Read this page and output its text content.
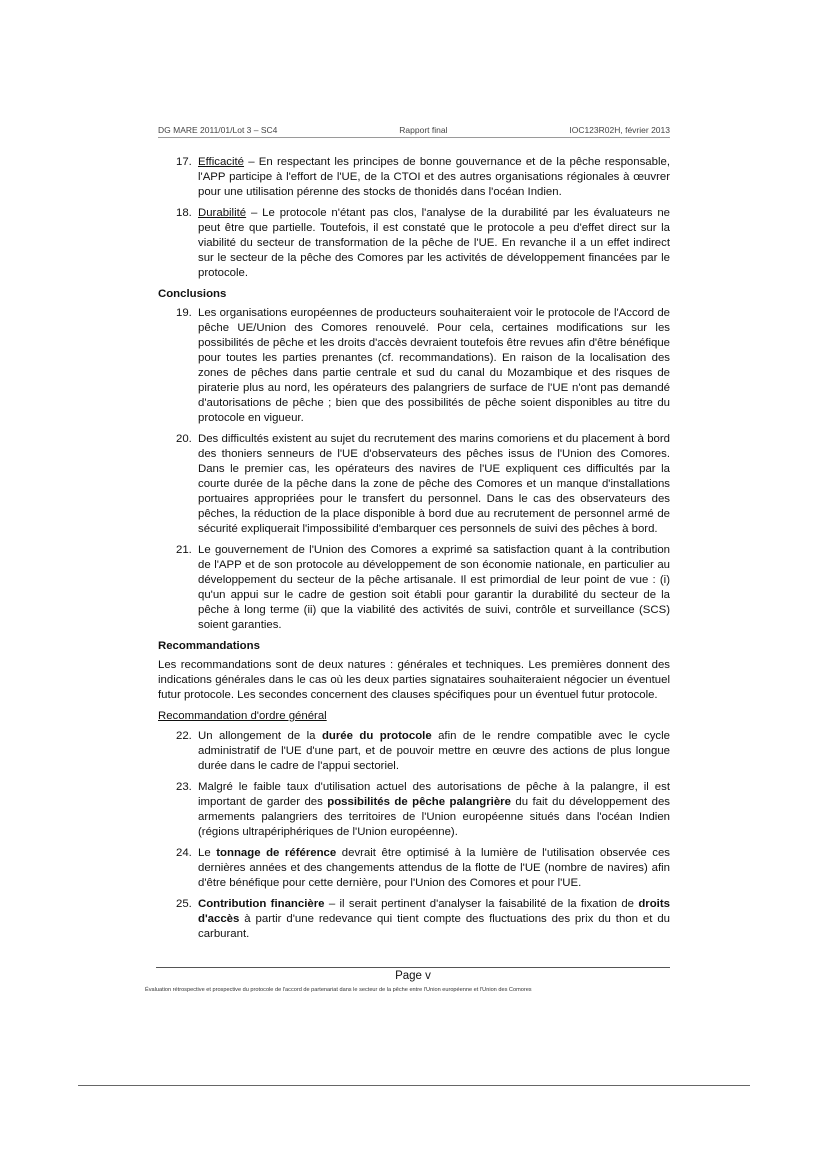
DG MARE 2011/01/Lot 3 – SC4	Rapport final	IOC123R02H, février 2013
17. Efficacité – En respectant les principes de bonne gouvernance et de la pêche responsable, l'APP participe à l'effort de l'UE, de la CTOI et des autres organisations régionales à œuvrer pour une utilisation pérenne des stocks de thonidés dans l'océan Indien.
18. Durabilité – Le protocole n'étant pas clos, l'analyse de la durabilité par les évaluateurs ne peut être que partielle. Toutefois, il est constaté que le protocole a peu d'effet direct sur la viabilité du secteur de transformation de la pêche de l'UE. En revanche il a un effet indirect sur le secteur de la pêche des Comores par les activités de développement financées par le protocole.
Conclusions
19. Les organisations européennes de producteurs souhaiteraient voir le protocole de l'Accord de pêche UE/Union des Comores renouvelé. Pour cela, certaines modifications sur les possibilités de pêche et les droits d'accès devraient toutefois être revues afin d'être bénéfique pour toutes les parties prenantes (cf. recommandations). En raison de la localisation des zones de pêches dans partie centrale et sud du canal du Mozambique et des risques de piraterie plus au nord, les opérateurs des palangriers de surface de l'UE n'ont pas demandé d'autorisations de pêche ; bien que des possibilités de pêche soient disponibles au titre du protocole en vigueur.
20. Des difficultés existent au sujet du recrutement des marins comoriens et du placement à bord des thoniers senneurs de l'UE d'observateurs des pêches issus de l'Union des Comores. Dans le premier cas, les opérateurs des navires de l'UE expliquent ces difficultés par la courte durée de la pêche dans la zone de pêche des Comores et un manque d'installations portuaires appropriées pour le transfert du personnel. Dans le cas des observateurs des pêches, la réduction de la place disponible à bord due au recrutement de personnel armé de sécurité expliquerait l'impossibilité d'embarquer ces personnels de suivi des pêches à bord.
21. Le gouvernement de l'Union des Comores a exprimé sa satisfaction quant à la contribution de l'APP et de son protocole au développement de son économie nationale, en particulier au développement du secteur de la pêche artisanale. Il est primordial de leur point de vue : (i) qu'un appui sur le cadre de gestion soit établi pour garantir la durabilité du secteur de la pêche à long terme (ii) que la viabilité des activités de suivi, contrôle et surveillance (SCS) soient garanties.
Recommandations

Les recommandations sont de deux natures : générales et techniques. Les premières donnent des indications générales dans le cas où les deux parties signataires souhaiteraient négocier un éventuel futur protocole. Les secondes concernent des clauses spécifiques pour un éventuel futur protocole.

Recommandation d'ordre général
22. Un allongement de la durée du protocole afin de le rendre compatible avec le cycle administratif de l'UE d'une part, et de pouvoir mettre en œuvre des actions de plus longue durée dans le cadre de l'appui sectoriel.
23. Malgré le faible taux d'utilisation actuel des autorisations de pêche à la palangre, il est important de garder des possibilités de pêche palangrière du fait du développement des armements palangriers des territoires de l'Union européenne situés dans l'océan Indien (régions ultrapériphériques de l'Union européenne).
24. Le tonnage de référence devrait être optimisé à la lumière de l'utilisation observée ces dernières années et des changements attendus de la flotte de l'UE (nombre de navires) afin d'être bénéfique pour cette dernière, pour l'Union des Comores et pour l'UE.
25. Contribution financière – il serait pertinent d'analyser la faisabilité de la fixation de droits d'accès à partir d'une redevance qui tient compte des fluctuations des prix du thon et du carburant.
Page v
Évaluation rétrospective et prospective du protocole de l'accord de partenariat dans le secteur de la pêche entre l'Union européenne et l'Union des Comores
